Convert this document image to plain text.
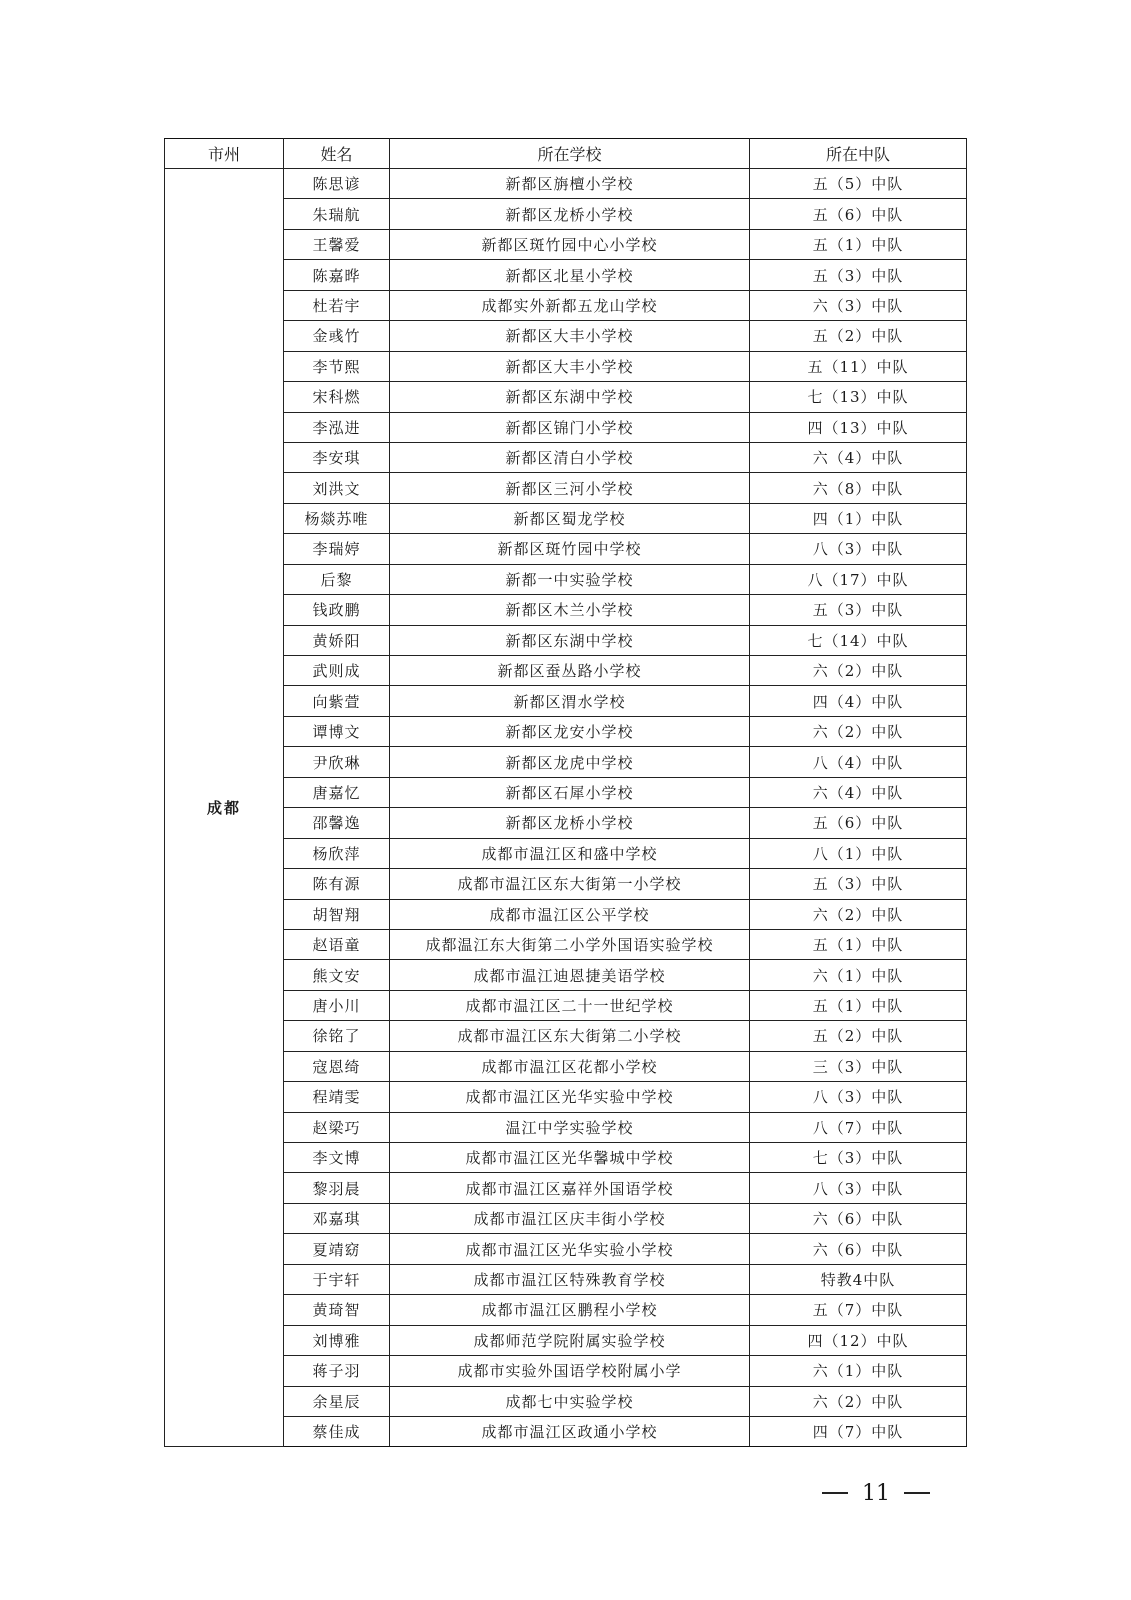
市州	姓名	所在学校	所在中队
成都	陈思谚	新都区旃檀小学校	五（5）中队
	朱瑞航	新都区龙桥小学校	五（6）中队
	王馨爱	新都区斑竹园中心小学校	五（1）中队
	陈嘉晔	新都区北星小学校	五（3）中队
	杜若宇	成都实外新都五龙山学校	六（3）中队
	金彧竹	新都区大丰小学校	五（2）中队
	李节熙	新都区大丰小学校	五（11）中队
	宋科燃	新都区东湖中学校	七（13）中队
	李泓进	新都区锦门小学校	四（13）中队
	李安琪	新都区清白小学校	六（4）中队
	刘洪文	新都区三河小学校	六（8）中队
	杨燚苏唯	新都区蜀龙学校	四（1）中队
	李瑞婷	新都区斑竹园中学校	八（3）中队
	后黎	新都一中实验学校	八（17）中队
	钱政鹏	新都区木兰小学校	五（3）中队
	黄娇阳	新都区东湖中学校	七（14）中队
	武则成	新都区蚕丛路小学校	六（2）中队
	向紫萱	新都区渭水学校	四（4）中队
	谭博文	新都区龙安小学校	六（2）中队
	尹欣琳	新都区龙虎中学校	八（4）中队
	唐嘉忆	新都区石犀小学校	六（4）中队
	邵馨逸	新都区龙桥小学校	五（6）中队
	杨欣萍	成都市温江区和盛中学校	八（1）中队
	陈有源	成都市温江区东大街第一小学校	五（3）中队
	胡智翔	成都市温江区公平学校	六（2）中队
	赵语童	成都温江东大街第二小学外国语实验学校	五（1）中队
	熊文安	成都市温江迪恩捷美语学校	六（1）中队
	唐小川	成都市温江区二十一世纪学校	五（1）中队
	徐铭了	成都市温江区东大街第二小学校	五（2）中队
	寇恩绮	成都市温江区花都小学校	三（3）中队
	程靖雯	成都市温江区光华实验中学校	八（3）中队
	赵梁巧	温江中学实验学校	八（7）中队
	李文博	成都市温江区光华馨城中学校	七（3）中队
	黎羽晨	成都市温江区嘉祥外国语学校	八（3）中队
	邓嘉琪	成都市温江区庆丰街小学校	六（6）中队
	夏靖窈	成都市温江区光华实验小学校	六（6）中队
	于宇轩	成都市温江区特殊教育学校	特教4中队
	黄琦智	成都市温江区鹏程小学校	五（7）中队
	刘博雅	成都师范学院附属实验学校	四（12）中队
	蒋子羽	成都市实验外国语学校附属小学	六（1）中队
	余星辰	成都七中实验学校	六（2）中队
	蔡佳成	成都市温江区政通小学校	四（7）中队
11
